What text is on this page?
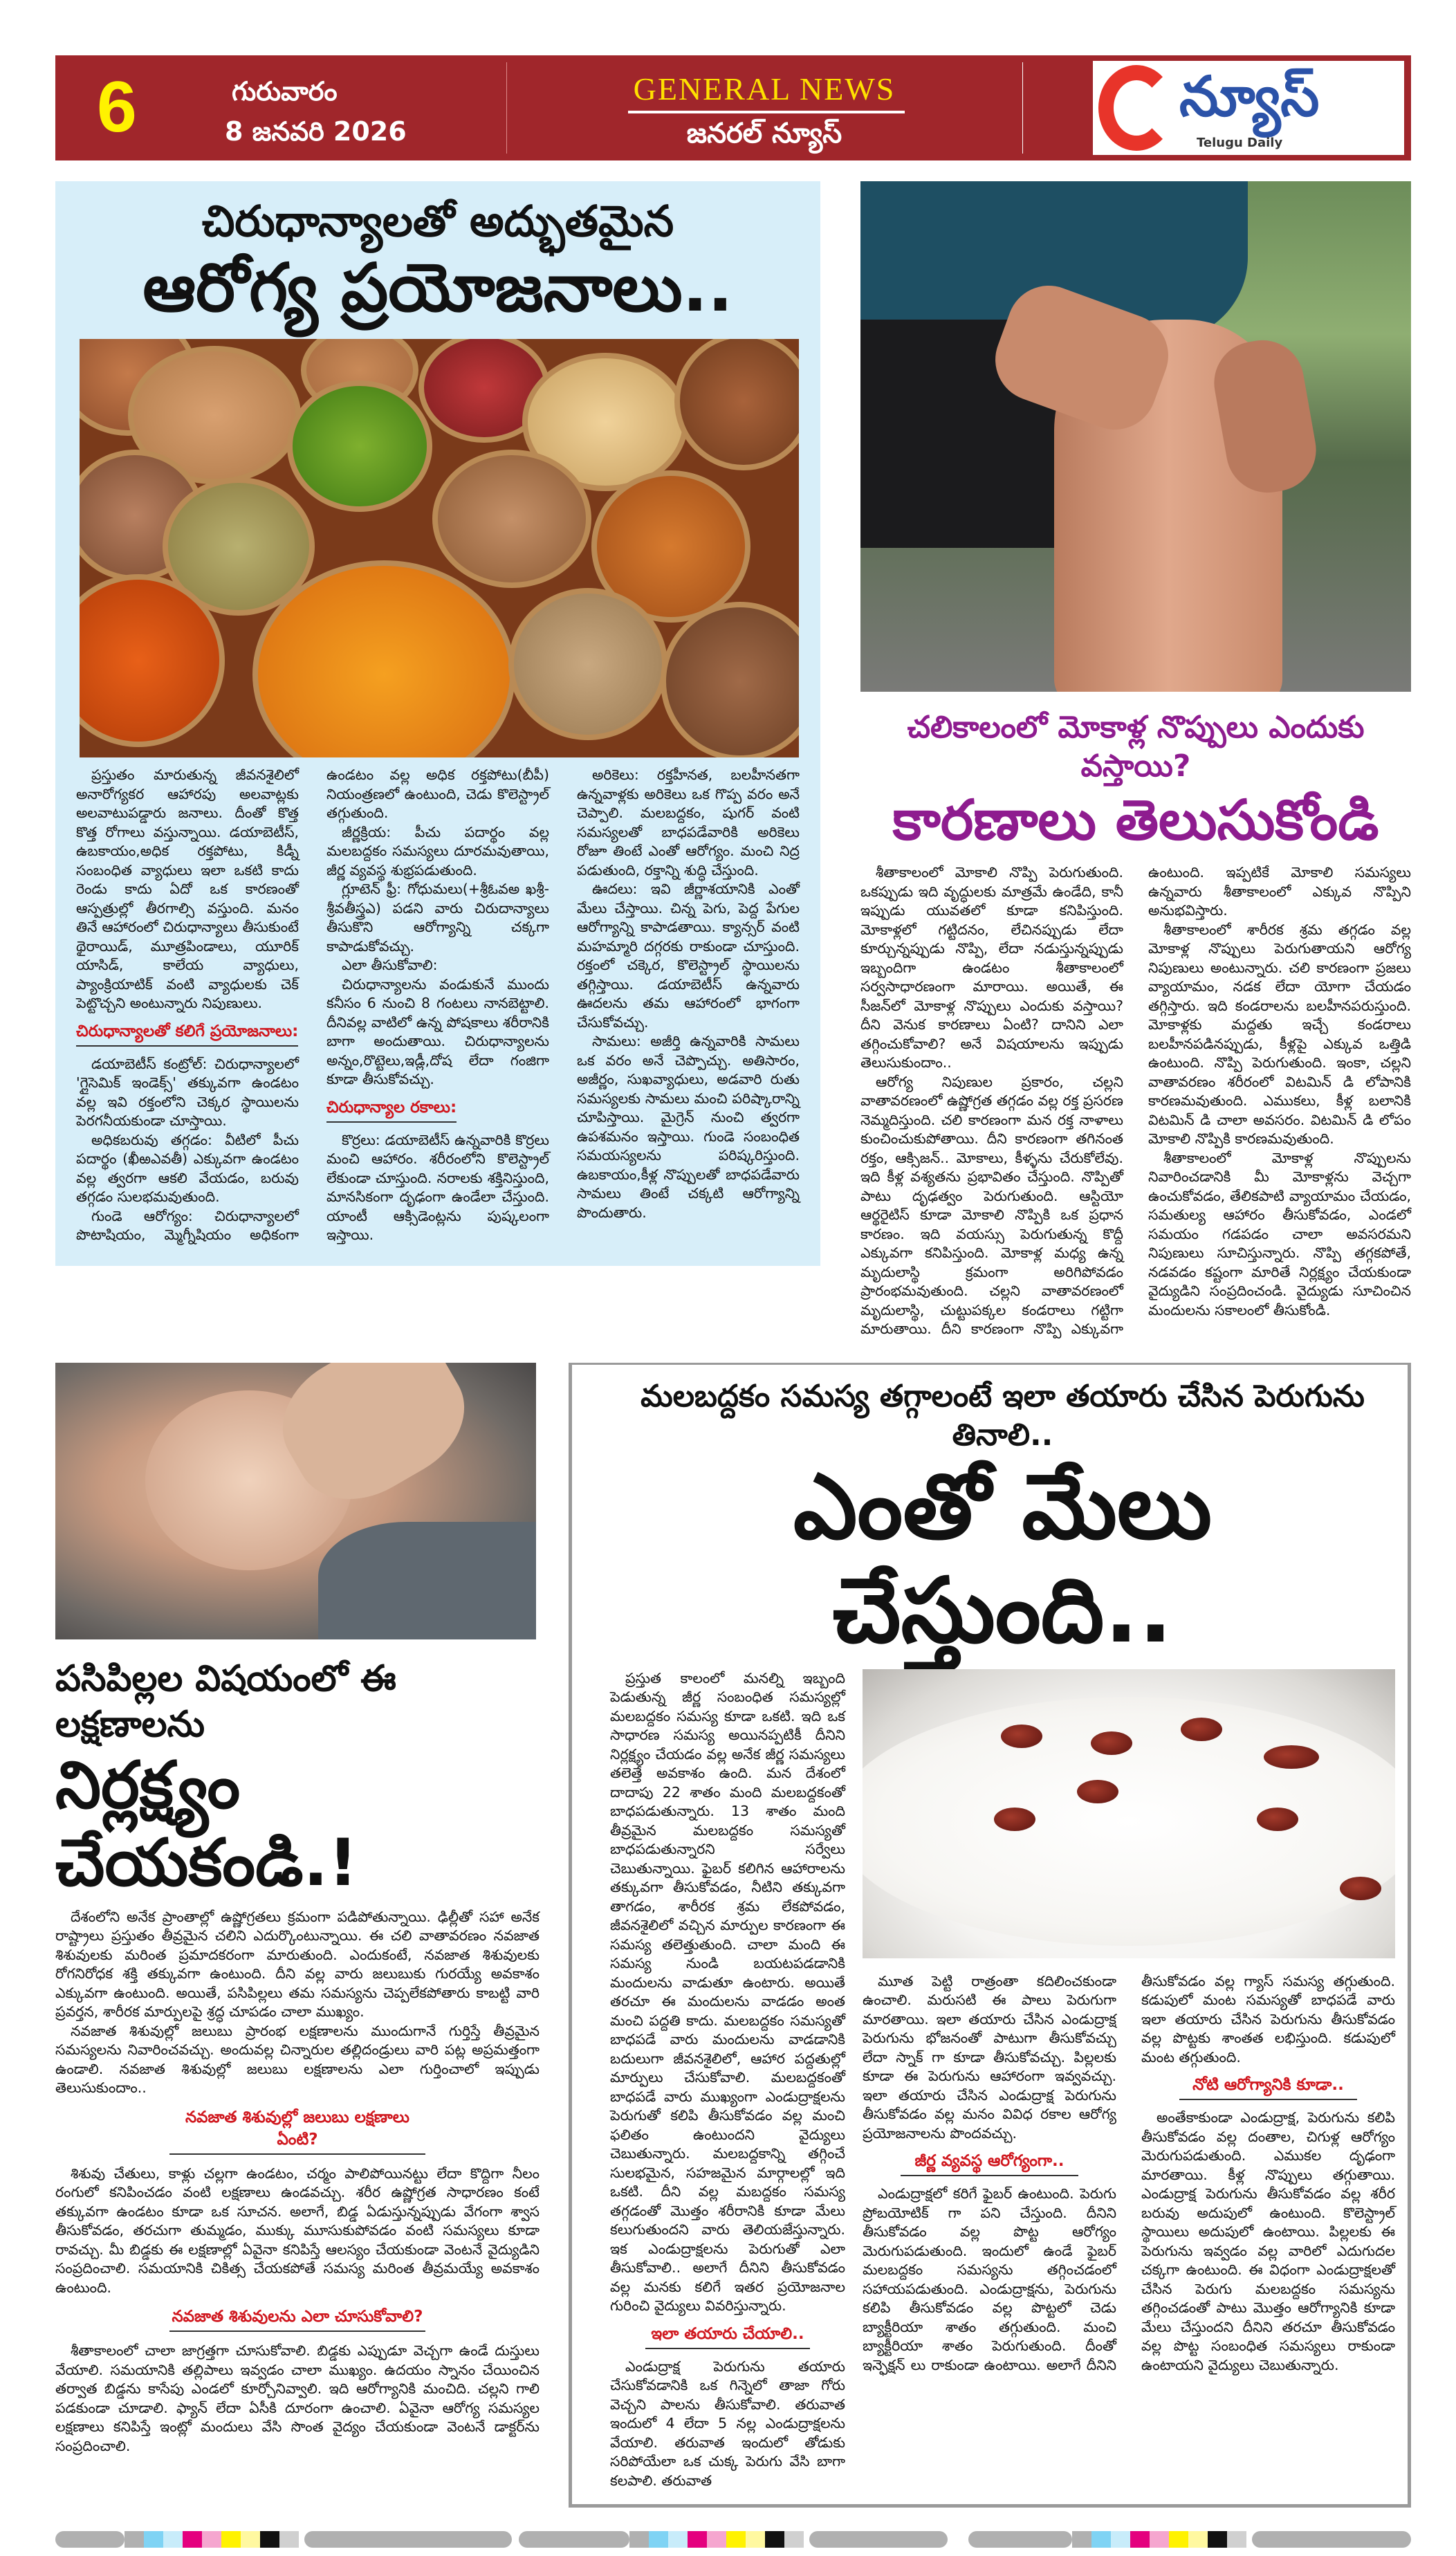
6	గురువారం
8 జనవరి 2026
GENERAL NEWS
జనరల్ న్యూస్
న్యూస్
Telugu Daily
చిరుధాన్యాలతో అద్భుతమైన
ఆరోగ్య ప్రయోజనాలు..

ప్రస్తుతం మారుతున్న జీవనశైలిలో అనారోగ్యకర ఆహారపు అలవాట్లకు అలవాటుపడ్డారు జనాలు. దీంతో కొత్త కొత్త రోగాలు వస్తున్నాయి. డయాబెటీస్, ఉబకాయం,అధిక రక్తపోటు, కిడ్నీ సంబంధిత వ్యాధులు ఇలా ఒకటి కాదు రెండు కాదు ఏదో ఒక కారణంతో ఆస్పత్రుల్లో తీరగాల్సి వస్తుంది. మనం తినే ఆహారంలో చిరుధాన్యాలు తీసుకుంటే థైరాయిడ్, మూత్రపిండాలు, యూరిక్ యాసిడ్, కాలేయ వ్యాధులు, ప్యాంక్రియాటిక్ వంటి వ్యాధులకు చెక్ పెట్టొచ్చని అంటున్నారు నిపుణులు.

చిరుధాన్యాలతో కలిగే ప్రయోజనాలు:

డయాబెటీస్ కంట్రోల్: చిరుధాన్యాలలో 'గ్లైసెమిక్ ఇండెక్స్' తక్కువగా ఉండటం వల్ల ఇవి రక్తంలోని చెక్కర స్థాయిలను పెరగనీయకుండా చూస్తాయి.

అధికబరువు తగ్గడం: వీటిలో పీచు పదార్థం (ఖీఱఎవతీ) ఎక్కువగా ఉండటం వల్ల త్వరగా ఆకలి వేయడం, బరువు తగ్గడం సులభమవుతుంది.

గుండె ఆరోగ్యం: చిరుధాన్యాలలో పొటాషియం, మ్మెగ్నీషియం అధికంగా ఉండటం వల్ల అధిక రక్తపోటు(బీపీ) నియంత్రణలో ఉంటుంది, చెడు కొలెస్ట్రాల్ తగ్గుతుంది.

జీర్ణక్రియ: పీచు పదార్థం వల్ల మలబద్దకం సమస్యలు దూరమవుతాయి, జీర్ణ వ్యవస్థ శుభ్రపడుతుంది.

గ్లూటెన్ ఫ్రీ: గోధుమలు(+శ్రీఓవఅ ఖశ్రీ-శ్రీవతీస్త్రఎ) పడని వారు చిరుదాన్యాలు తీసుకొని ఆరోగ్యాన్ని చక్కగా కాపాడుకోవచ్చు.

ఎలా తీసుకోవాలి:

చిరుధాన్యాలను వండుకునే ముందు కనీసం 6 నుంచి 8 గంటలు నానబెట్టాలి. దీనివల్ల వాటిలో ఉన్న పోషకాలు శరీరానికి బాగా అందుతాయి. చిరుధాన్యాలను అన్నం,రొట్టెలు,ఇడ్లీ,దోష లేదా గంజిగా కూడా తీసుకోవచ్చు.

చిరుధాన్యాల రకాలు:

కొర్రలు: డయాబెటీస్ ఉన్నవారికి కొర్రలు మంచి ఆహారం. శరీరంలోని కొలెస్ట్రాల్ లేకుండా చూస్తుంది. నరాలకు శక్తినిస్తుంది, మానసికంగా దృఢంగా ఉండేలా చేస్తుంది. యాంటీ ఆక్సిడెంట్లను పుష్కలంగా ఇస్తాయి.

అరికెలు: రక్తహీనత, బలహీనతగా ఉన్నవాళ్లకు అరికెలు ఒక గొప్ప వరం అనే చెప్పాలి. మలబద్దకం, షుగర్ వంటి సమస్యలతో బాధపడేవారికి అరికెలు రోజూ తింటే ఎంతో ఆరోగ్యం. మంచి నిద్ర పడుతుంది, రక్తాన్ని శుద్ధి చేస్తుంది.

ఊదలు: ఇవి జీర్ణాశయానికి ఎంతో మేలు చేస్తాయి. చిన్న పెగు, పెద్ద పేగుల ఆరోగ్యాన్ని కాపాడతాయి. క్యాన్సర్ వంటి మహమ్మారి దగ్గరకు రాకుండా చూస్తుంది. రక్తంలో చక్కెర, కొలెస్ట్రాల్ స్థాయిలను తగ్గిస్తాయి. డయాబెటీస్ ఉన్నవారు ఊదలను తమ ఆహారంలో భాగంగా చేసుకోవచ్చు.

సామలు: అజీర్తి ఉన్నవారికి సామలు ఒక వరం అనే చెప్పొచ్చు. అతిసారం, అజీర్ణం, సుఖవ్యాధులు, అడవారి రుతు సమస్యలకు సామలు మంచి పరిష్కారాన్ని చూపిస్తాయి. మైగ్రెన్ నుంచి త్వరగా ఉపశమనం ఇస్తాయి. గుండె సంబంధిత సమయస్యలను పరిష్కరిస్తుంది. ఉబకాయం,కీళ్ల నొప్పులతో బాధపడేవారు సామలు తింటే చక్కటి ఆరోగ్యాన్ని పొందుతారు.

చలికాలంలో మోకాళ్ల నొప్పులు ఎందుకు వస్తాయి?
కారణాలు తెలుసుకోండి

శీతాకాలంలో మోకాలి నొప్పి పెరుగుతుంది. ఒకప్పుడు ఇది వృద్ధులకు మాత్రమే ఉండేది, కానీ ఇప్పుడు యువతలో కూడా కనిపిస్తుంది. మోకాళ్లలో గట్టిదనం, లేచినప్పుడు లేదా కూర్చున్నప్పుడు నొప్పి, లేదా నడుస్తున్నప్పుడు ఇబ్బందిగా ఉండటం శీతాకాలంలో సర్వసాధారణంగా మారాయి. అయితే, ఈ సీజన్‌లో మోకాళ్ల నొప్పులు ఎందుకు వస్తాయి? దీని వెనుక కారణాలు ఏంటి? దానిని ఎలా తగ్గించుకోవాలి? అనే విషయాలను ఇప్పుడు తెలుసుకుందాం..

ఆరోగ్య నిపుణుల ప్రకారం, చల్లని వాతావరణంలో ఉష్ణోగ్రత తగ్గడం వల్ల రక్త ప్రసరణ నెమ్మదిస్తుంది. చలి కారణంగా మన రక్త నాళాలు కుంచించుకుపోతాయి. దీని కారణంగా తగినంత రక్తం, ఆక్సిజన్.. మోకాలు, కీళ్ళను చేరుకోలేవు. ఇది కీళ్ల వశ్యతను ప్రభావితం చేస్తుంది. నొప్పితో పాటు దృఢత్వం పెరుగుతుంది. ఆస్టియో ఆర్థరైటిస్ కూడా మోకాలి నొప్పికి ఒక ప్రధాన కారణం. ఇది వయస్సు పెరుగుతున్న కొద్దీ ఎక్కువగా కనిపిస్తుంది. మోకాళ్ల మధ్య ఉన్న మృదులాస్థి క్రమంగా అరిగిపోవడం ప్రారంభమవుతుంది. చల్లని వాతావరణంలో మృదులాస్థి, చుట్టుపక్కల కండరాలు గట్టిగా మారుతాయి. దీని కారణంగా నొప్పి ఎక్కువగా ఉంటుంది. ఇప్పటికే మోకాలి సమస్యలు ఉన్నవారు శీతాకాలంలో ఎక్కువ నొప్పిని అనుభవిస్తారు.

శీతాకాలంలో శారీరక శ్రమ తగ్గడం వల్ల మోకాళ్ల నొప్పులు పెరుగుతాయని ఆరోగ్య నిపుణులు అంటున్నారు. చలి కారణంగా ప్రజలు వ్యాయామం, నడక లేదా యోగా చేయడం తగ్గిస్తారు. ఇది కండరాలను బలహీనపరుస్తుంది. మోకాళ్లకు మద్దతు ఇచ్చే కండరాలు బలహీనపడినప్పుడు, కీళ్లపై ఎక్కువ ఒత్తిడి ఉంటుంది. నొప్పి పెరుగుతుంది. ఇంకా, చల్లని వాతావరణం శరీరంలో విటమిన్ డి లోపానికి కారణమవుతుంది. ఎముకలు, కీళ్ల బలానికి విటమిన్ డి చాలా అవసరం. విటమిన్ డి లోపం మోకాలి నొప్పికి కారణమవుతుంది.

శీతాకాలంలో మోకాళ్ల నొప్పులను నివారించడానికి మీ మోకాళ్లను వెచ్చగా ఉంచుకోవడం, తేలికపాటి వ్యాయామం చేయడం, సమతుల్య ఆహారం తీసుకోవడం, ఎండలో సమయం గడపడం చాలా అవసరమని నిపుణులు సూచిస్తున్నారు. నొప్పి తగ్గకపోతే, నడవడం కష్టంగా మారితే నిర్లక్ష్యం చేయకుండా వైద్యుడిని సంప్రదించండి. వైద్యుడు సూచించిన మందులను సకాలంలో తీసుకోండి.

పసిపిల్లల విషయంలో ఈ లక్షణాలను
నిర్లక్ష్యం చేయకండి.!

దేశంలోని అనేక ప్రాంతాల్లో ఉష్ణోగ్రతలు క్రమంగా పడిపోతున్నాయి. ఢిల్లీతో సహా అనేక రాష్ట్రాలు ప్రస్తుతం తీవ్రమైన చలిని ఎదుర్కొంటున్నాయి. ఈ చలి వాతావరణం నవజాత శిశువులకు మరింత ప్రమాదకరంగా మారుతుంది. ఎందుకంటే, నవజాత శిశువులకు రోగనిరోధక శక్తి తక్కువగా ఉంటుంది. దీని వల్ల వారు జలుబుకు గురయ్యే అవకాశం ఎక్కువగా ఉంటుంది. అయితే, పసిపిల్లలు తమ సమస్యను చెప్పలేకపోతారు కాబట్టి వారి ప్రవర్తన, శారీరక మార్పులపై శ్రద్ధ చూపడం చాలా ముఖ్యం.

నవజాత శిశువుల్లో జలుబు ప్రారంభ లక్షణాలను ముందుగానే గుర్తిస్తే తీవ్రమైన సమస్యలను నివారించవచ్చు. అందువల్ల చిన్నారుల తల్లిదండ్రులు వారి పట్ల అప్రమత్తంగా ఉండాలి. నవజాత శిశువుల్లో జలుబు లక్షణాలను ఎలా గుర్తించాలో ఇప్పుడు తెలుసుకుందాం..

నవజాత శిశువుల్లో జలుబు లక్షణాలు ఏంటి?

శిశువు చేతులు, కాళ్లు చల్లగా ఉండటం, చర్మం పాలిపోయినట్టు లేదా కొద్దిగా నీలం రంగులో కనిపించడం వంటి లక్షణాలు ఉండవచ్చు. శరీర ఉష్ణోగ్రత సాధారణం కంటే తక్కువగా ఉండటం కూడా ఒక సూచన. అలాగే, బిడ్డ ఏడుస్తున్నప్పుడు వేగంగా శ్వాస తీసుకోవడం, తరచుగా తుమ్మడం, ముక్కు మూసుకుపోవడం వంటి సమస్యలు కూడా రావచ్చు. మీ బిడ్డకు ఈ లక్షణాల్లో ఏవైనా కనిపిస్తే ఆలస్యం చేయకుండా వెంటనే వైద్యుడిని సంప్రదించాలి. సమయానికి చికిత్స చేయకపోతే సమస్య మరింత తీవ్రమయ్యే అవకాశం ఉంటుంది.

నవజాత శిశువులను ఎలా చూసుకోవాలి?

శీతాకాలంలో చాలా జాగ్రత్తగా చూసుకోవాలి. బిడ్డకు ఎప్పుడూ వెచ్చగా ఉండే దుస్తులు వేయాలి. సమయానికి తల్లిపాలు ఇవ్వడం చాలా ముఖ్యం. ఉదయం స్నానం చేయించిన తర్వాత బిడ్డను కాసేపు ఎండలో కూర్చోనివ్వాలి. ఇది ఆరోగ్యానికి మంచిది. చల్లని గాలి పడకుండా చూడాలి. ఫ్యాన్ లేదా ఏసీకి దూరంగా ఉంచాలి. ఏవైనా ఆరోగ్య సమస్యల లక్షణాలు కనిపిస్తే ఇంట్లో మందులు వేసి సొంత వైద్యం చేయకుండా వెంటనే డాక్టర్‌ను సంప్రదించాలి.

మలబద్దకం సమస్య తగ్గాలంటే ఇలా తయారు చేసిన పెరుగును తినాలి..
ఎంతో మేలు చేస్తుంది..

ప్రస్తుత కాలంలో మనల్ని ఇబ్బంది పెడుతున్న జీర్ణ సంబంధిత సమస్యల్లో మలబద్దకం సమస్య కూడా ఒకటి. ఇది ఒక సాధారణ సమస్య అయినప్పటికీ దీనిని నిర్లక్ష్యం చేయడం వల్ల అనేక జీర్ణ సమస్యలు తలెత్తే అవకాశం ఉంది. మన దేశంలో దాదాపు 22 శాతం మంది మలబద్దకంతో బాధపడుతున్నారు. 13 శాతం మంది తీవ్రమైన మలబద్దకం సమస్యతో బాధపడుతున్నారని సర్వేలు చెబుతున్నాయి. ఫైబర్ కలిగిన ఆహారాలను తక్కువగా తీసుకోవడం, నీటిని తక్కువగా తాగడం, శారీరక శ్రమ లేకపోవడం, జీవనశైలిలో వచ్చిన మార్పుల కారణంగా ఈ సమస్య తలెత్తుతుంది. చాలా మంది ఈ సమస్య నుండి బయటపడడానికి మందులను వాడుతూ ఉంటారు. అయితే తరచూ ఈ మందులను వాడడం అంత మంచి పద్దతి కాదు. మలబద్దకం సమస్యతో బాధపడే వారు మందులను వాడడానికి బదులుగా జీవనశైలిలో, ఆహార పద్దతుల్లో మార్పులు చేసుకోవాలి. మలబద్దకంతో బాధపడే వారు ముఖ్యంగా ఎండుద్రాక్షలను పెరుగుతో కలిపి తీసుకోవడం వల్ల మంచి ఫలితం ఉంటుందని వైద్యులు చెబుతున్నారు. మలబద్దకాన్ని తగ్గించే సులభమైన, సహజమైన మార్గాలల్లో ఇది ఒకటి. దీని వల్ల మబద్దకం సమస్య తగ్గడంతో మొత్తం శరీరానికి కూడా మేలు కలుగుతుందని వారు తెలియజేస్తున్నారు. ఇక ఎండుద్రాక్షలను పెరుగుతో ఎలా తీసుకోవాలి.. అలాగే దీనిని తీసుకోవడం వల్ల మనకు కలిగే ఇతర ప్రయోజనాల గురించి వైద్యులు వివరిస్తున్నారు.

ఇలా తయారు చేయాలి..

ఎండుద్రాక్ష పెరుగును తయారు చేసుకోవడానికి ఒక గిన్నెలో తాజా గోరు వెచ్చని పాలను తీసుకోవాలి. తరువాత ఇందులో 4 లేదా 5 నల్ల ఎండుద్రాక్షలను వేయాలి. తరువాత ఇందులో తోడుకు సరిపోయేలా ఒక చుక్క పెరుగు వేసి బాగా కలపాలి. తరువాత

మూత పెట్టి రాత్రంతా కదిలించకుండా ఉంచాలి. మరుసటి ఈ పాలు పెరుగుగా మారతాయి. ఇలా తయారు చేసిన ఎండుద్రాక్ష పెరుగును భోజనంతో పాటుగా తీసుకోవచ్చు లేదా స్నాక్ గా కూడా తీసుకోవచ్చు. పిల్లలకు కూడా ఈ పెరుగును ఆహారంగా ఇవ్వవచ్చు. ఇలా తయారు చేసిన ఎండుద్రాక్ష పెరుగును తీసుకోవడం వల్ల మనం వివిధ రకాల ఆరోగ్య ప్రయోజనాలను పొందవచ్చు.

జీర్ణ వ్యవస్థ ఆరోగ్యంగా..

ఎండుద్రాక్షలో కరిగే ఫైబర్ ఉంటుంది. పెరుగు ప్రోబయోటిక్ గా పని చేస్తుంది. దీనిని తీసుకోవడం వల్ల పొట్ట ఆరోగ్యం మెరుగుపడుతుంది. ఇందులో ఉండే ఫైబర్ మలబద్దకం సమస్యను తగ్గించడంలో సహాయపడుతుంది. ఎండుద్రాక్షను, పెరుగును కలిపి తీసుకోవడం వల్ల పొట్టలో చెడు బ్యాక్టీరియా శాతం తగ్గుతుంది. మంచి బ్యాక్టీరియా శాతం పెరుగుతుంది. దీంతో ఇన్ఫెక్షన్ లు రాకుండా ఉంటాయి. అలాగే దీనిని తీసుకోవడం వల్ల గ్యాస్ సమస్య తగ్గుతుంది. కడుపులో మంట సమస్యతో బాధపడే వారు ఇలా తయారు చేసిన పెరుగును తీసుకోవడం వల్ల పొట్టకు శాంతత లభిస్తుంది. కడుపులో మంట తగ్గుతుంది.

నోటి ఆరోగ్యానికి కూడా..

అంతేకాకుండా ఎండుద్రాక్ష, పెరుగును కలిపి తీసుకోవడం వల్ల దంతాల, చిగుళ్ల ఆరోగ్యం మెరుగుపడుతుంది. ఎముకల దృఢంగా మారతాయి. కీళ్ల నొప్పులు తగ్గుతాయి. ఎండుద్రాక్ష పెరుగును తీసుకోవడం వల్ల శరీర బరువు అదుపులో ఉంటుంది. కొలెస్ట్రాల్ స్థాయిలు అదుపులో ఉంటాయి. పిల్లలకు ఈ పెరుగును ఇవ్వడం వల్ల వారిలో ఎదుగుదల చక్కగా ఉంటుంది. ఈ విధంగా ఎండుద్రాక్షలతో చేసిన పెరుగు మలబద్దకం సమస్యను తగ్గించడంతో పాటు మొత్తం ఆరోగ్యానికి కూడా మేలు చేస్తుందని దీనిని తరచూ తీసుకోవడం వల్ల పొట్ట సంబంధిత సమస్యలు రాకుండా ఉంటాయని వైద్యులు చెబుతున్నారు.
